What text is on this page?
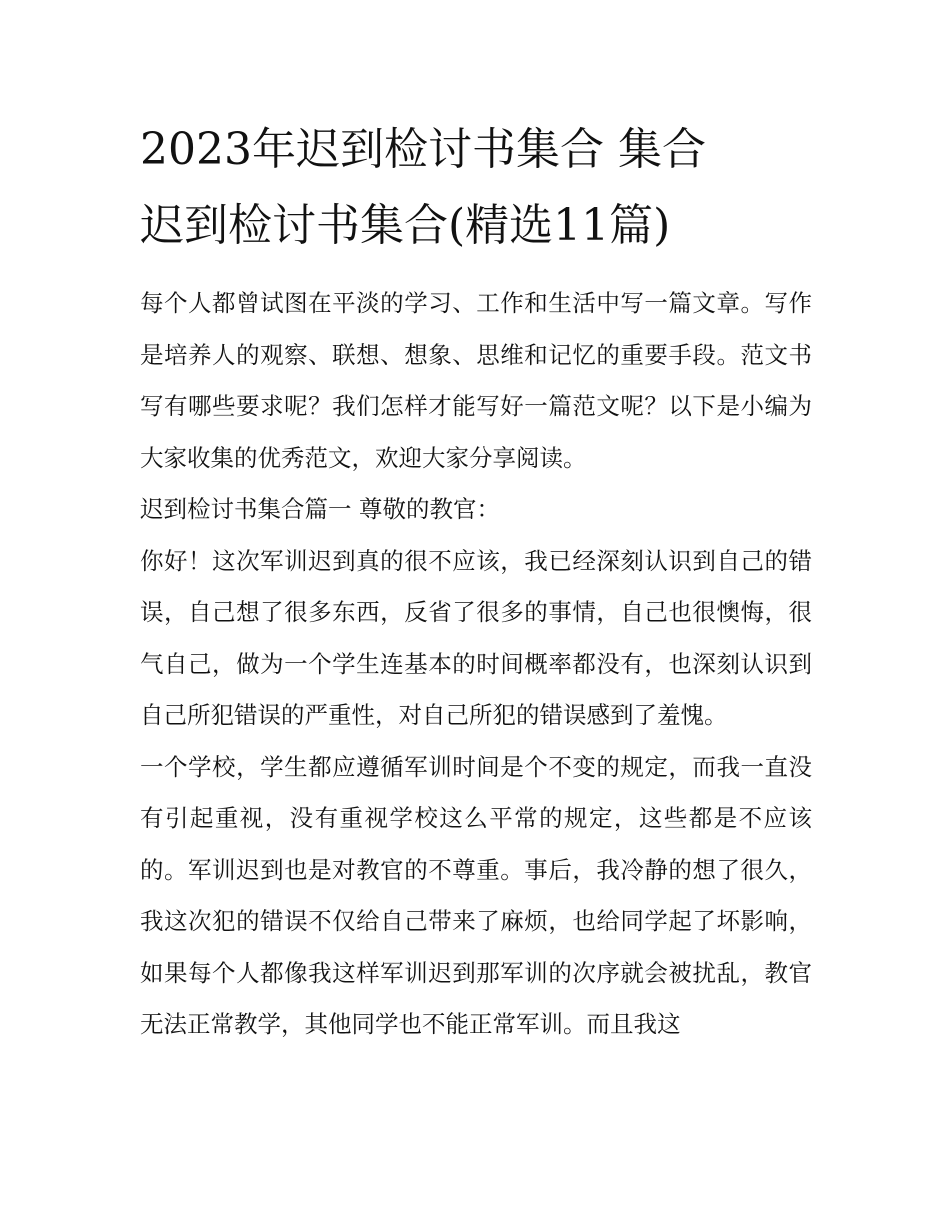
2023年迟到检讨书集合 集合
迟到检讨书集合(精选11篇)

每个人都曾试图在平淡的学习、工作和生活中写一篇文章。写作是培养人的观察、联想、想象、思维和记忆的重要手段。范文书写有哪些要求呢？我们怎样才能写好一篇范文呢？以下是小编为大家收集的优秀范文，欢迎大家分享阅读。

迟到检讨书集合篇一 尊敬的教官：

你好！这次军训迟到真的很不应该，我已经深刻认识到自己的错误，自己想了很多东西，反省了很多的事情，自己也很懊悔，很气自己，做为一个学生连基本的时间概率都没有，也深刻认识到自己所犯错误的严重性，对自己所犯的错误感到了羞愧。

一个学校，学生都应遵循军训时间是个不变的规定，而我一直没有引起重视，没有重视学校这么平常的规定，这些都是不应该的。军训迟到也是对教官的不尊重。事后，我冷静的想了很久，我这次犯的错误不仅给自己带来了麻烦，也给同学起了坏影响，如果每个人都像我这样军训迟到那军训的次序就会被扰乱，教官无法正常教学，其他同学也不能正常军训。而且我这
